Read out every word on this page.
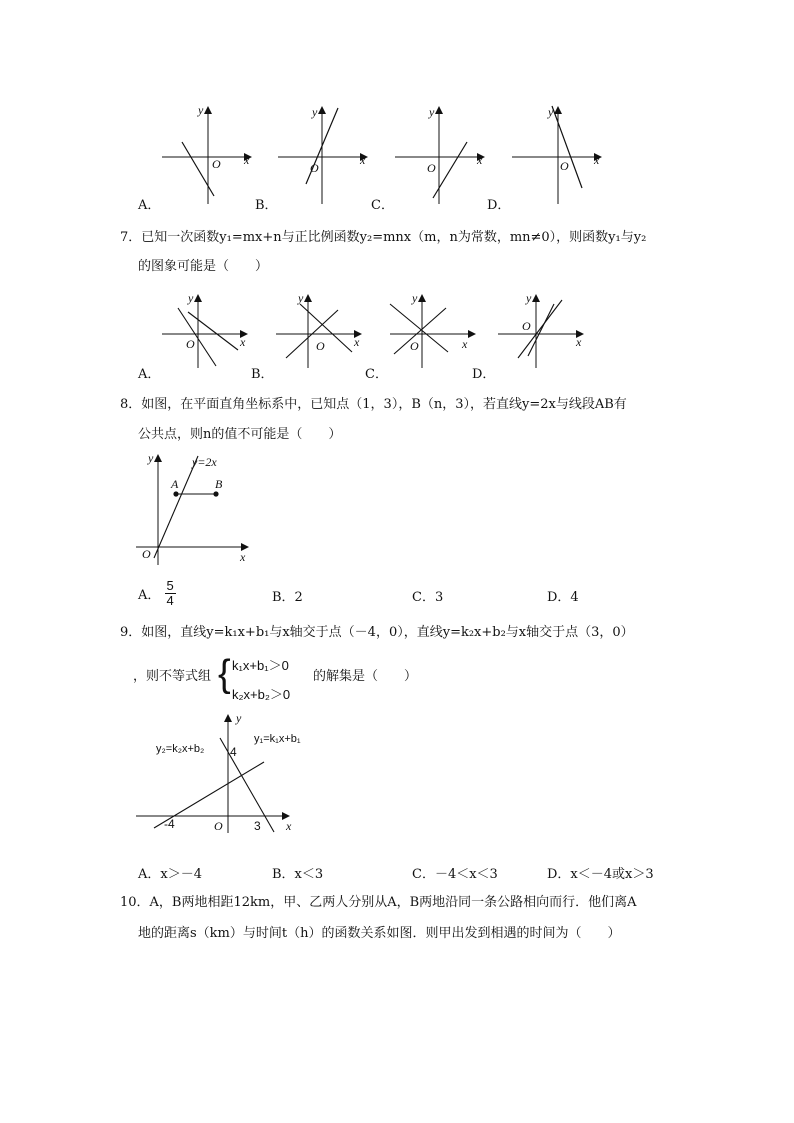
y
x
O
y
x
O
y
x
O
y
x
O
A．	B．	C．	D．
7．已知一次函数y₁=mx+n与正比例函数y₂=mnx（m，n为常数，mn≠0），则函数y₁与y₂
的图象可能是（　　）
y
x
O
y
x
O
y
x
O
y
x
O
A．	B．	C．	D．
8．如图，在平面直角坐标系中，已知点（1，3），B（n，3），若直线y=2x与线段AB有
公共点，则n的值不可能是（　　）
y
x
O
y=2x
A	B
A． $\frac{5}{4}$	B．2	C．3	D．4
9．如图，直线y=k₁x+b₁与x轴交于点（－4，0），直线y=k₂x+b₂与x轴交于点（3，0）
，则不等式组 { k₁x+b₁＞0
k₂x+b₂＞0
的解集是（　　）
y
x
O
y₁=k₁x+b₁
y₂=k₂x+b₂ 4
-4	3
A．x＞－4	B．x＜3	C．－4＜x＜3	D．x＜－4或x＞3
10．A，B两地相距12km，甲、乙两人分别从A，B两地沿同一条公路相向而行．他们离A
地的距离s（km）与时间t（h）的函数关系如图．则甲出发到相遇的时间为（　　）
